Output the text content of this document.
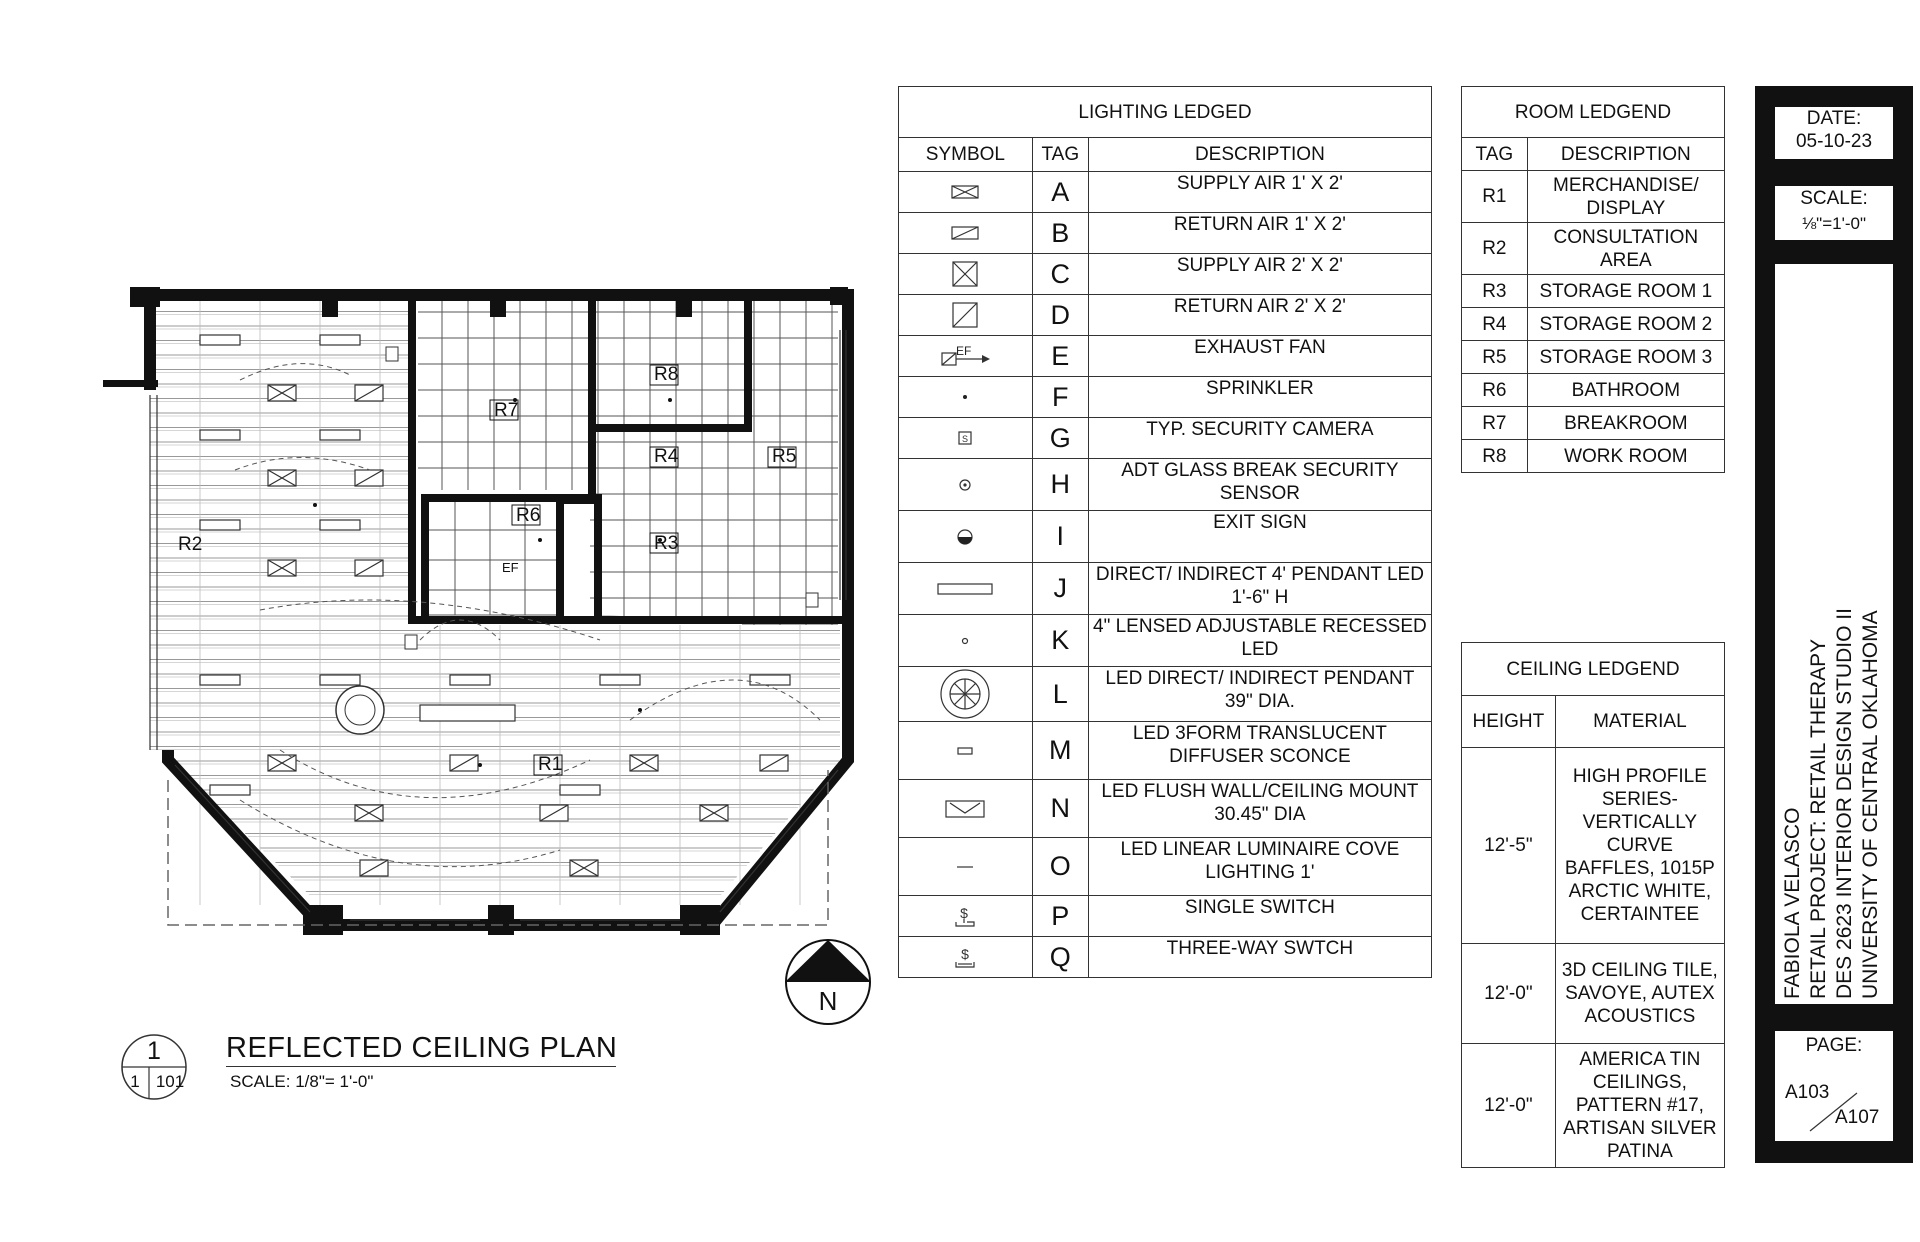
R2
R7
R8
R4	R5
R6
R3
R1
EF
N
1
1 101
REFLECTED CEILING PLAN
SCALE: 1/8"= 1'-0"
LIGHTING LEDGED		
SYMBOL	TAG	DESCRIPTION

	A	SUPPLY AIR 1' X 2'

	B	RETURN AIR 1' X 2'

	C	SUPPLY AIR 2' X 2'

	D	RETURN AIR 2' X 2'

EF	E	EXHAUST FAN

	F	SPRINKLER

S	G	TYP. SECURITY CAMERA

	H	ADT GLASS BREAK SECURITY SENSOR

	I	EXIT SIGN

	J	DIRECT/ INDIRECT 4' PENDANT LED 1'-6" H

	K	4" LENSED ADJUSTABLE RECESSED LED

	L	LED DIRECT/ INDIRECT PENDANT 39" DIA.

	M	LED 3FORM TRANSLUCENT DIFFUSER SCONCE

	N	LED FLUSH WALL/CEILING MOUNT 30.45" DIA

	O	LED LINEAR LUMINAIRE COVE LIGHTING 1'

$	P	SINGLE SWITCH

$	Q	THREE-WAY SWTCH
ROOM LEDGEND	
TAG	DESCRIPTION
R1	MERCHANDISE/ DISPLAY
R2	CONSULTATION AREA
R3	STORAGE ROOM 1
R4	STORAGE ROOM 2
R5	STORAGE ROOM 3
R6	BATHROOM
R7	BREAKROOM
R8	WORK ROOM
CEILING LEDGEND	
HEIGHT	MATERIAL
12'-5"	HIGH PROFILE SERIES- VERTICALLY CURVE BAFFLES, 1015P ARCTIC WHITE, CERTAINTEE
12'-0"	3D CEILING TILE, SAVOYE, AUTEX ACOUSTICS
12'-0"	AMERICA TIN CEILINGS, PATTERN #17, ARTISAN SILVER PATINA
DATE:
05-10-23
SCALE:
⅛"=1'-0"
FABIOLA VELASCO RETAIL PROJECT: RETAIL THERAPY DES 2623 INTERIOR DESIGN STUDIO II UNIVERSITY OF CENTRAL OKLAHOMA
PAGE:
A103
A107
